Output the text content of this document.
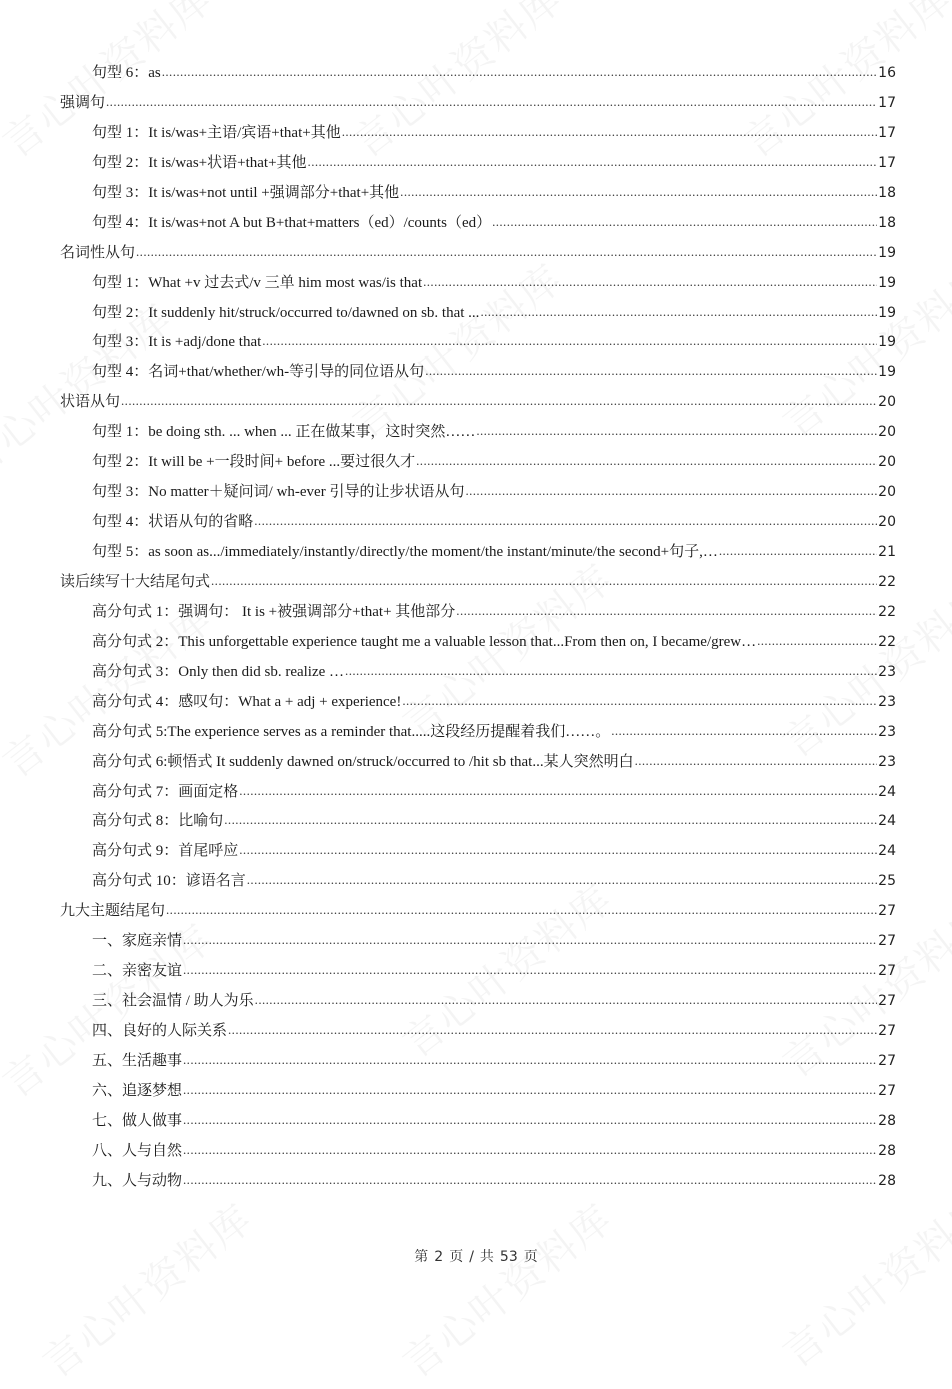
句型 6：as .....	16
强调句 .....	17
句型 1：It is/was+主语/宾语+that+其他 .....	17
句型 2：It is/was+状语+that+其他 .....	17
句型 3：It is/was+not until +强调部分+that+其他 .....	18
句型 4：It is/was+not A but B+that+matters（ed）/counts（ed） .....	18
名词性从句 .....	19
句型 1：What +v 过去式/v 三单 him most was/is that .....	19
句型 2：It suddenly hit/struck/occurred to/dawned on sb. that ... .....	19
句型 3：It is +adj/done that .....	19
句型 4：名词+that/whether/wh-等引导的同位语从句 .....	19
状语从句 .....	20
句型 1：be doing sth. ... when ... 正在做某事，这时突然…… .....	20
句型 2：It will be +一段时间+ before ...要过很久才 .....	20
句型 3：No matter＋疑问词/ wh-ever 引导的让步状语从句 .....	20
句型 4：状语从句的省略 .....	20
句型 5：as soon as.../immediately/instantly/directly/the moment/the instant/minute/the second+句子,… .....	21
读后续写十大结尾句式 .....	22
高分句式 1：强调句： It is +被强调部分+that+ 其他部分 .....	22
高分句式 2：This unforgettable experience taught me a valuable lesson that...From then on, I became/grew… .....	22
高分句式 3：Only then did sb. realize … .....	23
高分句式 4：感叹句：What a + adj + experience! .....	23
高分句式 5:The experience serves as a reminder that.....这段经历提醒着我们……。 .....	23
高分句式 6:顿悟式 It suddenly dawned on/struck/occurred to /hit sb that...某人突然明白 .....	23
高分句式 7：画面定格 .....	24
高分句式 8：比喻句 .....	24
高分句式 9：首尾呼应 .....	24
高分句式 10：谚语名言 .....	25
九大主题结尾句 .....	27
一、家庭亲情 .....	27
二、亲密友谊 .....	27
三、社会温情 / 助人为乐 .....	27
四、良好的人际关系 .....	27
五、生活趣事 .....	27
六、追逐梦想 .....	27
七、做人做事 .....	28
八、人与自然 .....	28
九、人与动物 .....	28
第 2 页 / 共 53 页
